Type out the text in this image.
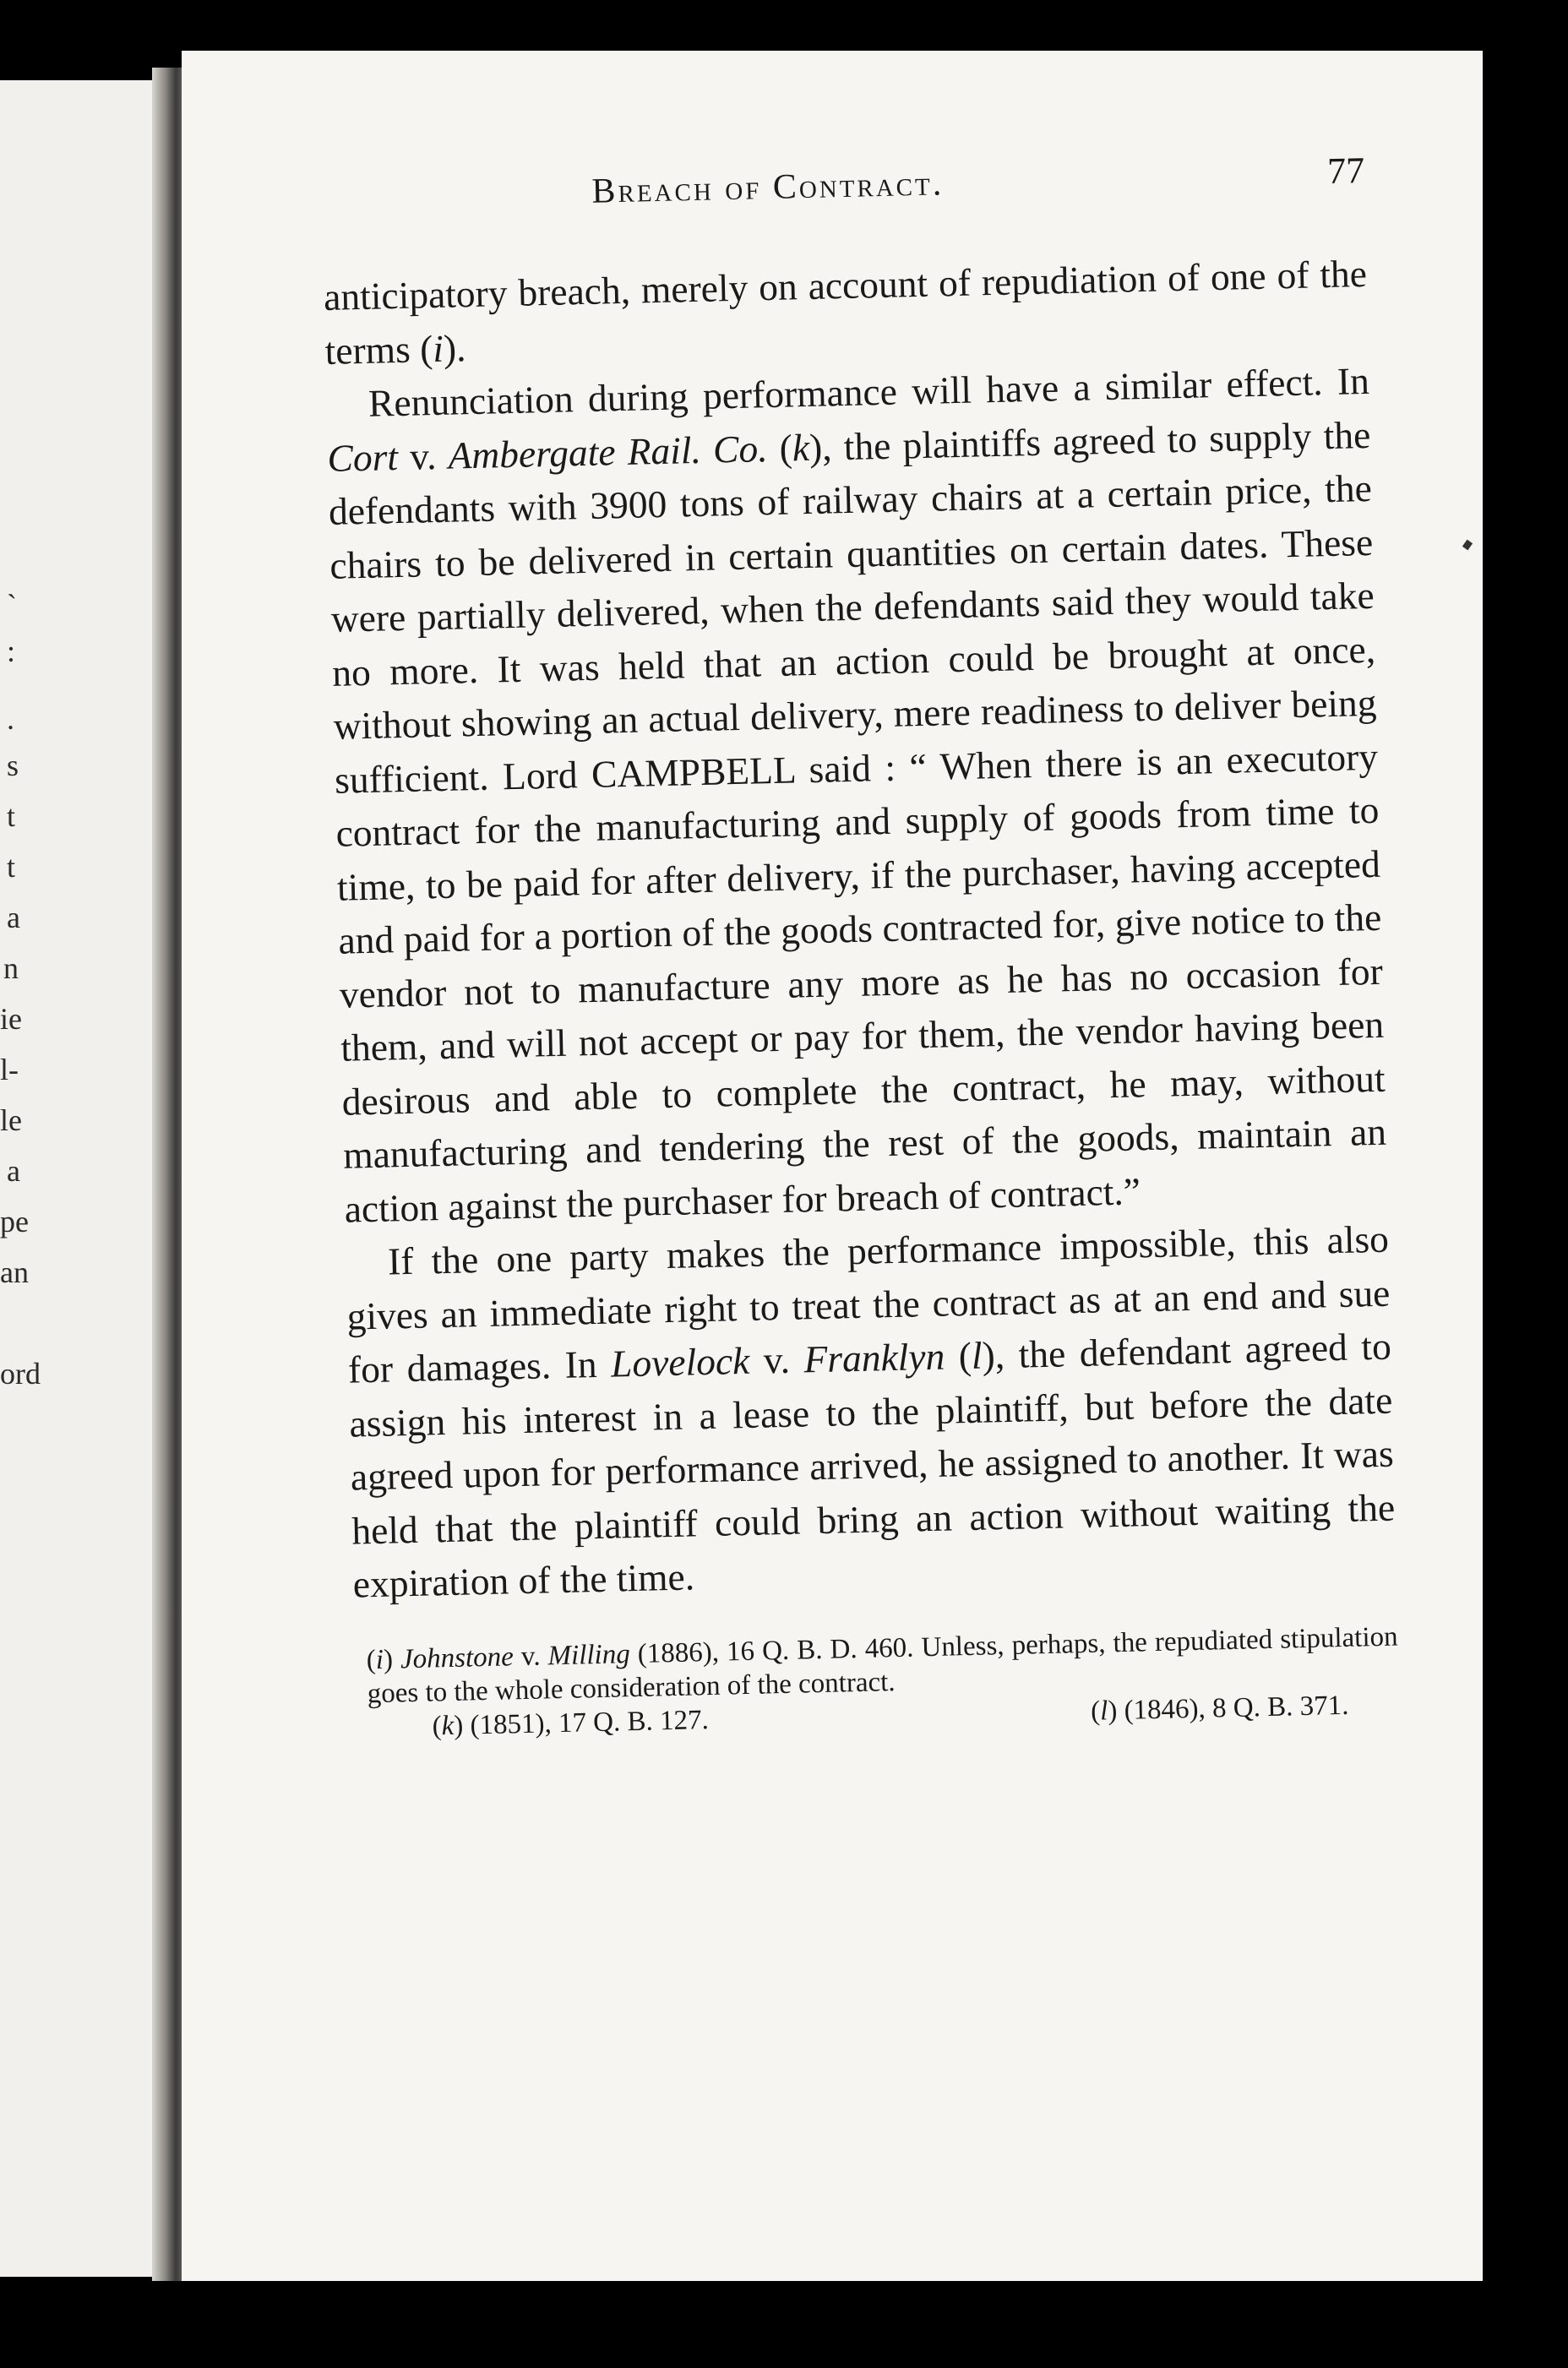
`
:
.
s
t
t
a
n
ie
l-
le
a
pe
an
ord
Breach of Contract.	77

anticipatory breach, merely on account of repudiation of one of the terms (i).

Renunciation during performance will have a similar effect. In Cort v. Ambergate Rail. Co. (k), the plaintiffs agreed to supply the defendants with 3900 tons of railway chairs at a certain price, the chairs to be delivered in certain quantities on certain dates. These were partially delivered, when the defendants said they would take no more. It was held that an action could be brought at once, without showing an actual delivery, mere readiness to deliver being sufficient. Lord CAMPBELL said : “ When there is an executory contract for the manufacturing and supply of goods from time to time, to be paid for after delivery, if the purchaser, having accepted and paid for a portion of the goods contracted for, give notice to the vendor not to manufacture any more as he has no occasion for them, and will not accept or pay for them, the vendor having been desirous and able to complete the contract, he may, without manufacturing and tendering the rest of the goods, maintain an action against the purchaser for breach of contract.”

If the one party makes the performance impossible, this also gives an immediate right to treat the contract as at an end and sue for damages. In Lovelock v. Franklyn (l), the defendant agreed to assign his interest in a lease to the plaintiff, but before the date agreed upon for performance arrived, he assigned to another. It was held that the plaintiff could bring an action without waiting the expiration of the time.

(i) Johnstone v. Milling (1886), 16 Q. B. D. 460. Unless, perhaps, the repudiated stipulation goes to the whole consideration of the contract.

(k) (1851), 17 Q. B. 127.	(l) (1846), 8 Q. B. 371.
